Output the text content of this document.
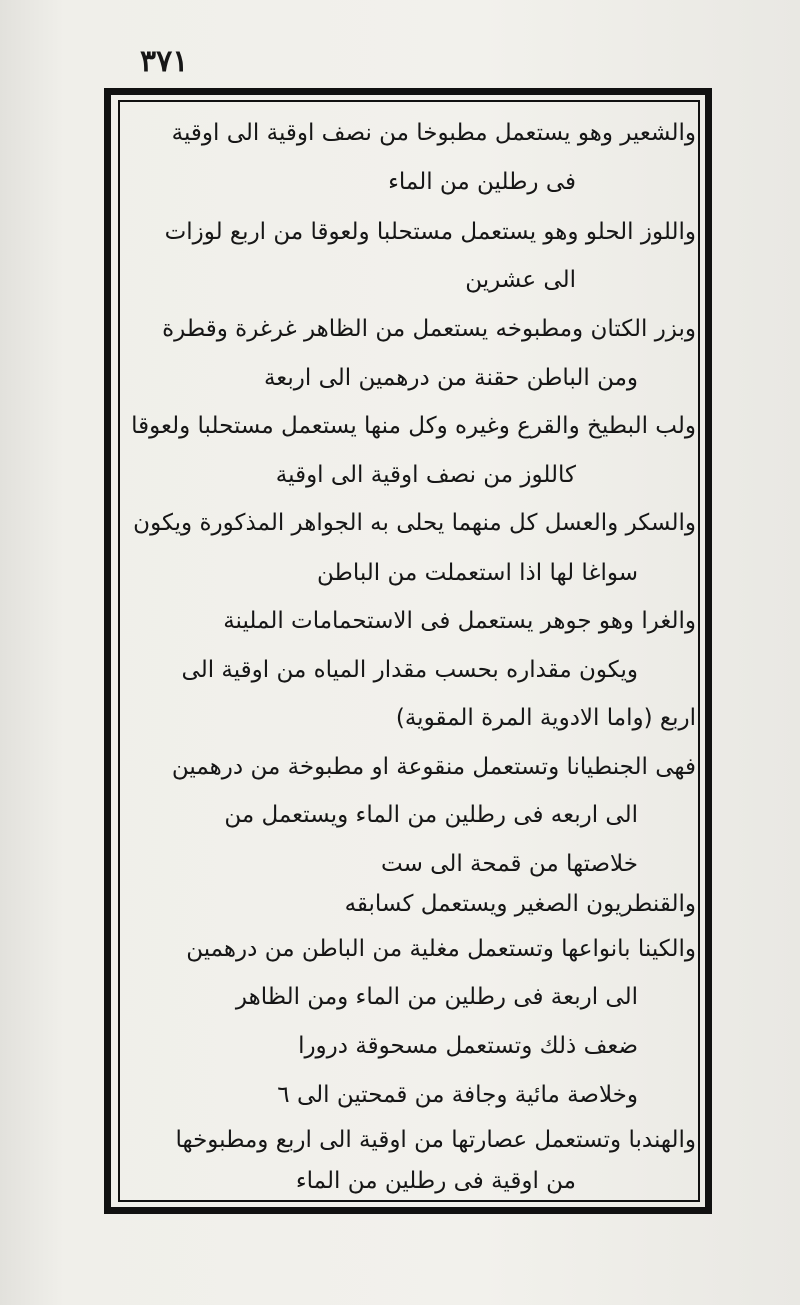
٣٧١
والشعير وهو يستعمل مطبوخا من نصف اوقية الى اوقية
فى رطلين من الماء
واللوز الحلو وهو يستعمل مستحلبا ولعوقا من اربع لوزات
الى عشرين
وبزر الكتان ومطبوخه يستعمل من الظاهر غرغرة وقطرة
ومن الباطن حقنة من درهمين الى اربعة
ولب البطيخ والقرع وغيره وكل منها يستعمل مستحلبا ولعوقا
كاللوز من نصف اوقية الى اوقية
والسكر والعسل كل منهما يحلى به الجواهر المذكورة ويكون
سواغا لها اذا استعملت من الباطن
والغرا وهو جوهر يستعمل فى الاستحمامات الملينة
ويكون مقداره بحسب مقدار المياه من اوقية الى
اربع (واما الادوية المرة المقوية)
فهى الجنطيانا وتستعمل منقوعة او مطبوخة من درهمين
الى اربعه فى رطلين من الماء ويستعمل من
خلاصتها من قمحة الى ست
والقنطريون الصغير ويستعمل كسابقه
والكينا بانواعها وتستعمل مغلية من الباطن من درهمين
الى اربعة فى رطلين من الماء ومن الظاهر
ضعف ذلك وتستعمل مسحوقة درورا
وخلاصة مائية وجافة من قمحتين الى ٦
والهندبا وتستعمل عصارتها من اوقية الى اربع ومطبوخها
من اوقية فى رطلين من الماء
